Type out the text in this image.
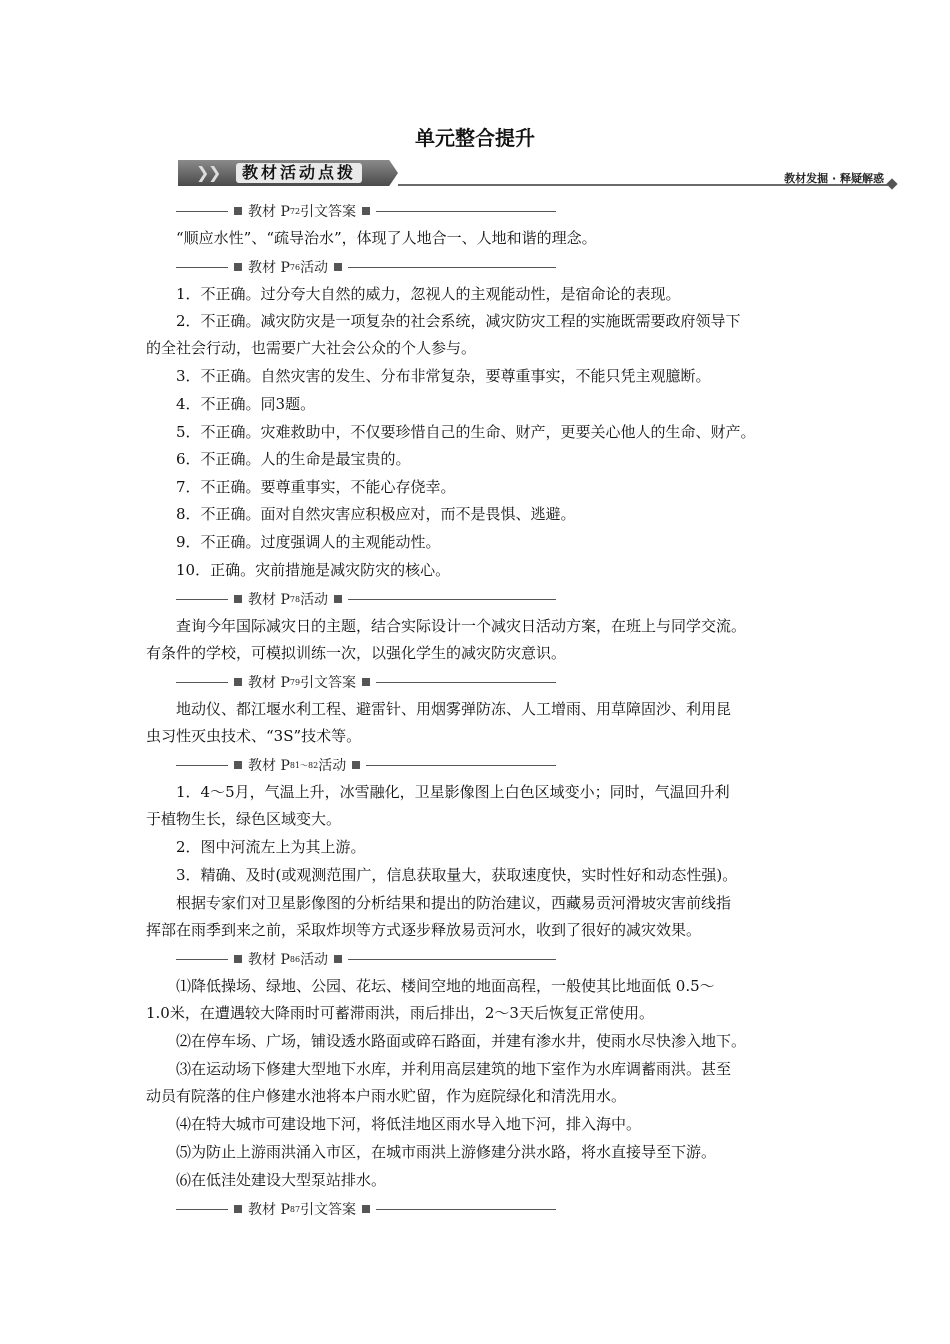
单元整合提升
❯
❯	教材活动点拨	教材发掘 · 释疑解惑
教材 P 72 引文答案
“顺应水性”、“疏导治水”，体现了人地合一、人地和谐的理念。
教材 P 76 活动
1．不正确。过分夸大自然的威力，忽视人的主观能动性，是宿命论的表现。
2．不正确。减灾防灾是一项复杂的社会系统，减灾防灾工程的实施既需要政府领导下
的全社会行动，也需要广大社会公众的个人参与。
3．不正确。自然灾害的发生、分布非常复杂，要尊重事实，不能只凭主观臆断。
4．不正确。同3题。
5．不正确。灾难救助中，不仅要珍惜自己的生命、财产，更要关心他人的生命、财产。
6．不正确。人的生命是最宝贵的。
7．不正确。要尊重事实，不能心存侥幸。
8．不正确。面对自然灾害应积极应对，而不是畏惧、逃避。
9．不正确。过度强调人的主观能动性。
10．正确。灾前措施是减灾防灾的核心。
教材 P 78 活动
查询今年国际减灾日的主题，结合实际设计一个减灾日活动方案，在班上与同学交流。
有条件的学校，可模拟训练一次，以强化学生的减灾防灾意识。
教材 P 79 引文答案
地动仪、都江堰水利工程、避雷针、用烟雾弹防冻、人工增雨、用草障固沙、利用昆
虫习性灭虫技术、“3S”技术等。
教材 P 81～82 活动
1．4～5月，气温上升，冰雪融化，卫星影像图上白色区域变小；同时，气温回升利
于植物生长，绿色区域变大。
2．图中河流左上为其上游。
3．精确、及时(或观测范围广，信息获取量大，获取速度快，实时性好和动态性强)。
根据专家们对卫星影像图的分析结果和提出的防治建议，西藏易贡河滑坡灾害前线指
挥部在雨季到来之前，采取炸坝等方式逐步释放易贡河水，收到了很好的减灾效果。
教材 P 86 活动
⑴降低操场、绿地、公园、花坛、楼间空地的地面高程，一般使其比地面低 0.5～
1.0米，在遭遇较大降雨时可蓄滞雨洪，雨后排出，2～3天后恢复正常使用。
⑵在停车场、广场，铺设透水路面或碎石路面，并建有渗水井，使雨水尽快渗入地下。
⑶在运动场下修建大型地下水库，并利用高层建筑的地下室作为水库调蓄雨洪。甚至
动员有院落的住户修建水池将本户雨水贮留，作为庭院绿化和清洗用水。
⑷在特大城市可建设地下河，将低洼地区雨水导入地下河，排入海中。
⑸为防止上游雨洪涌入市区，在城市雨洪上游修建分洪水路，将水直接导至下游。
⑹在低洼处建设大型泵站排水。
教材 P 87 引文答案
